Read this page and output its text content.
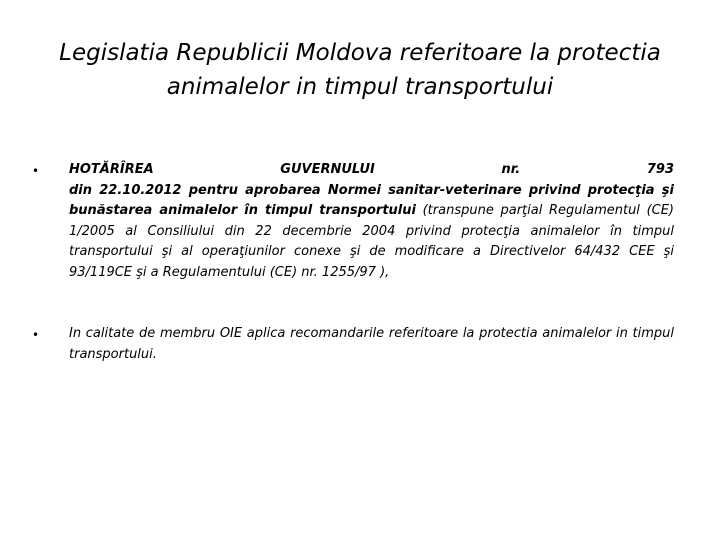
Legislatia Republicii Moldova referitoare la protectia
animalelor in timpul transportului
• HOTĂRÎREA	GUVERNULUI	nr.	793
din 22.10.2012 pentru aprobarea Normei sanitar-veterinare privind protecţia şi bunăstarea animalelor în timpul transportului (transpune parţial Regulamentul (CE) 1/2005 al Consiliului din 22 decembrie 2004 privind protecţia animalelor în timpul transportului şi al operaţiunilor conexe şi de modificare a Directivelor 64/432 CEE şi 93/119CE şi a Regulamentului (CE) nr. 1255/97 ),
• In calitate de membru OIE aplica recomandarile referitoare la protectia animalelor in timpul transportului.
